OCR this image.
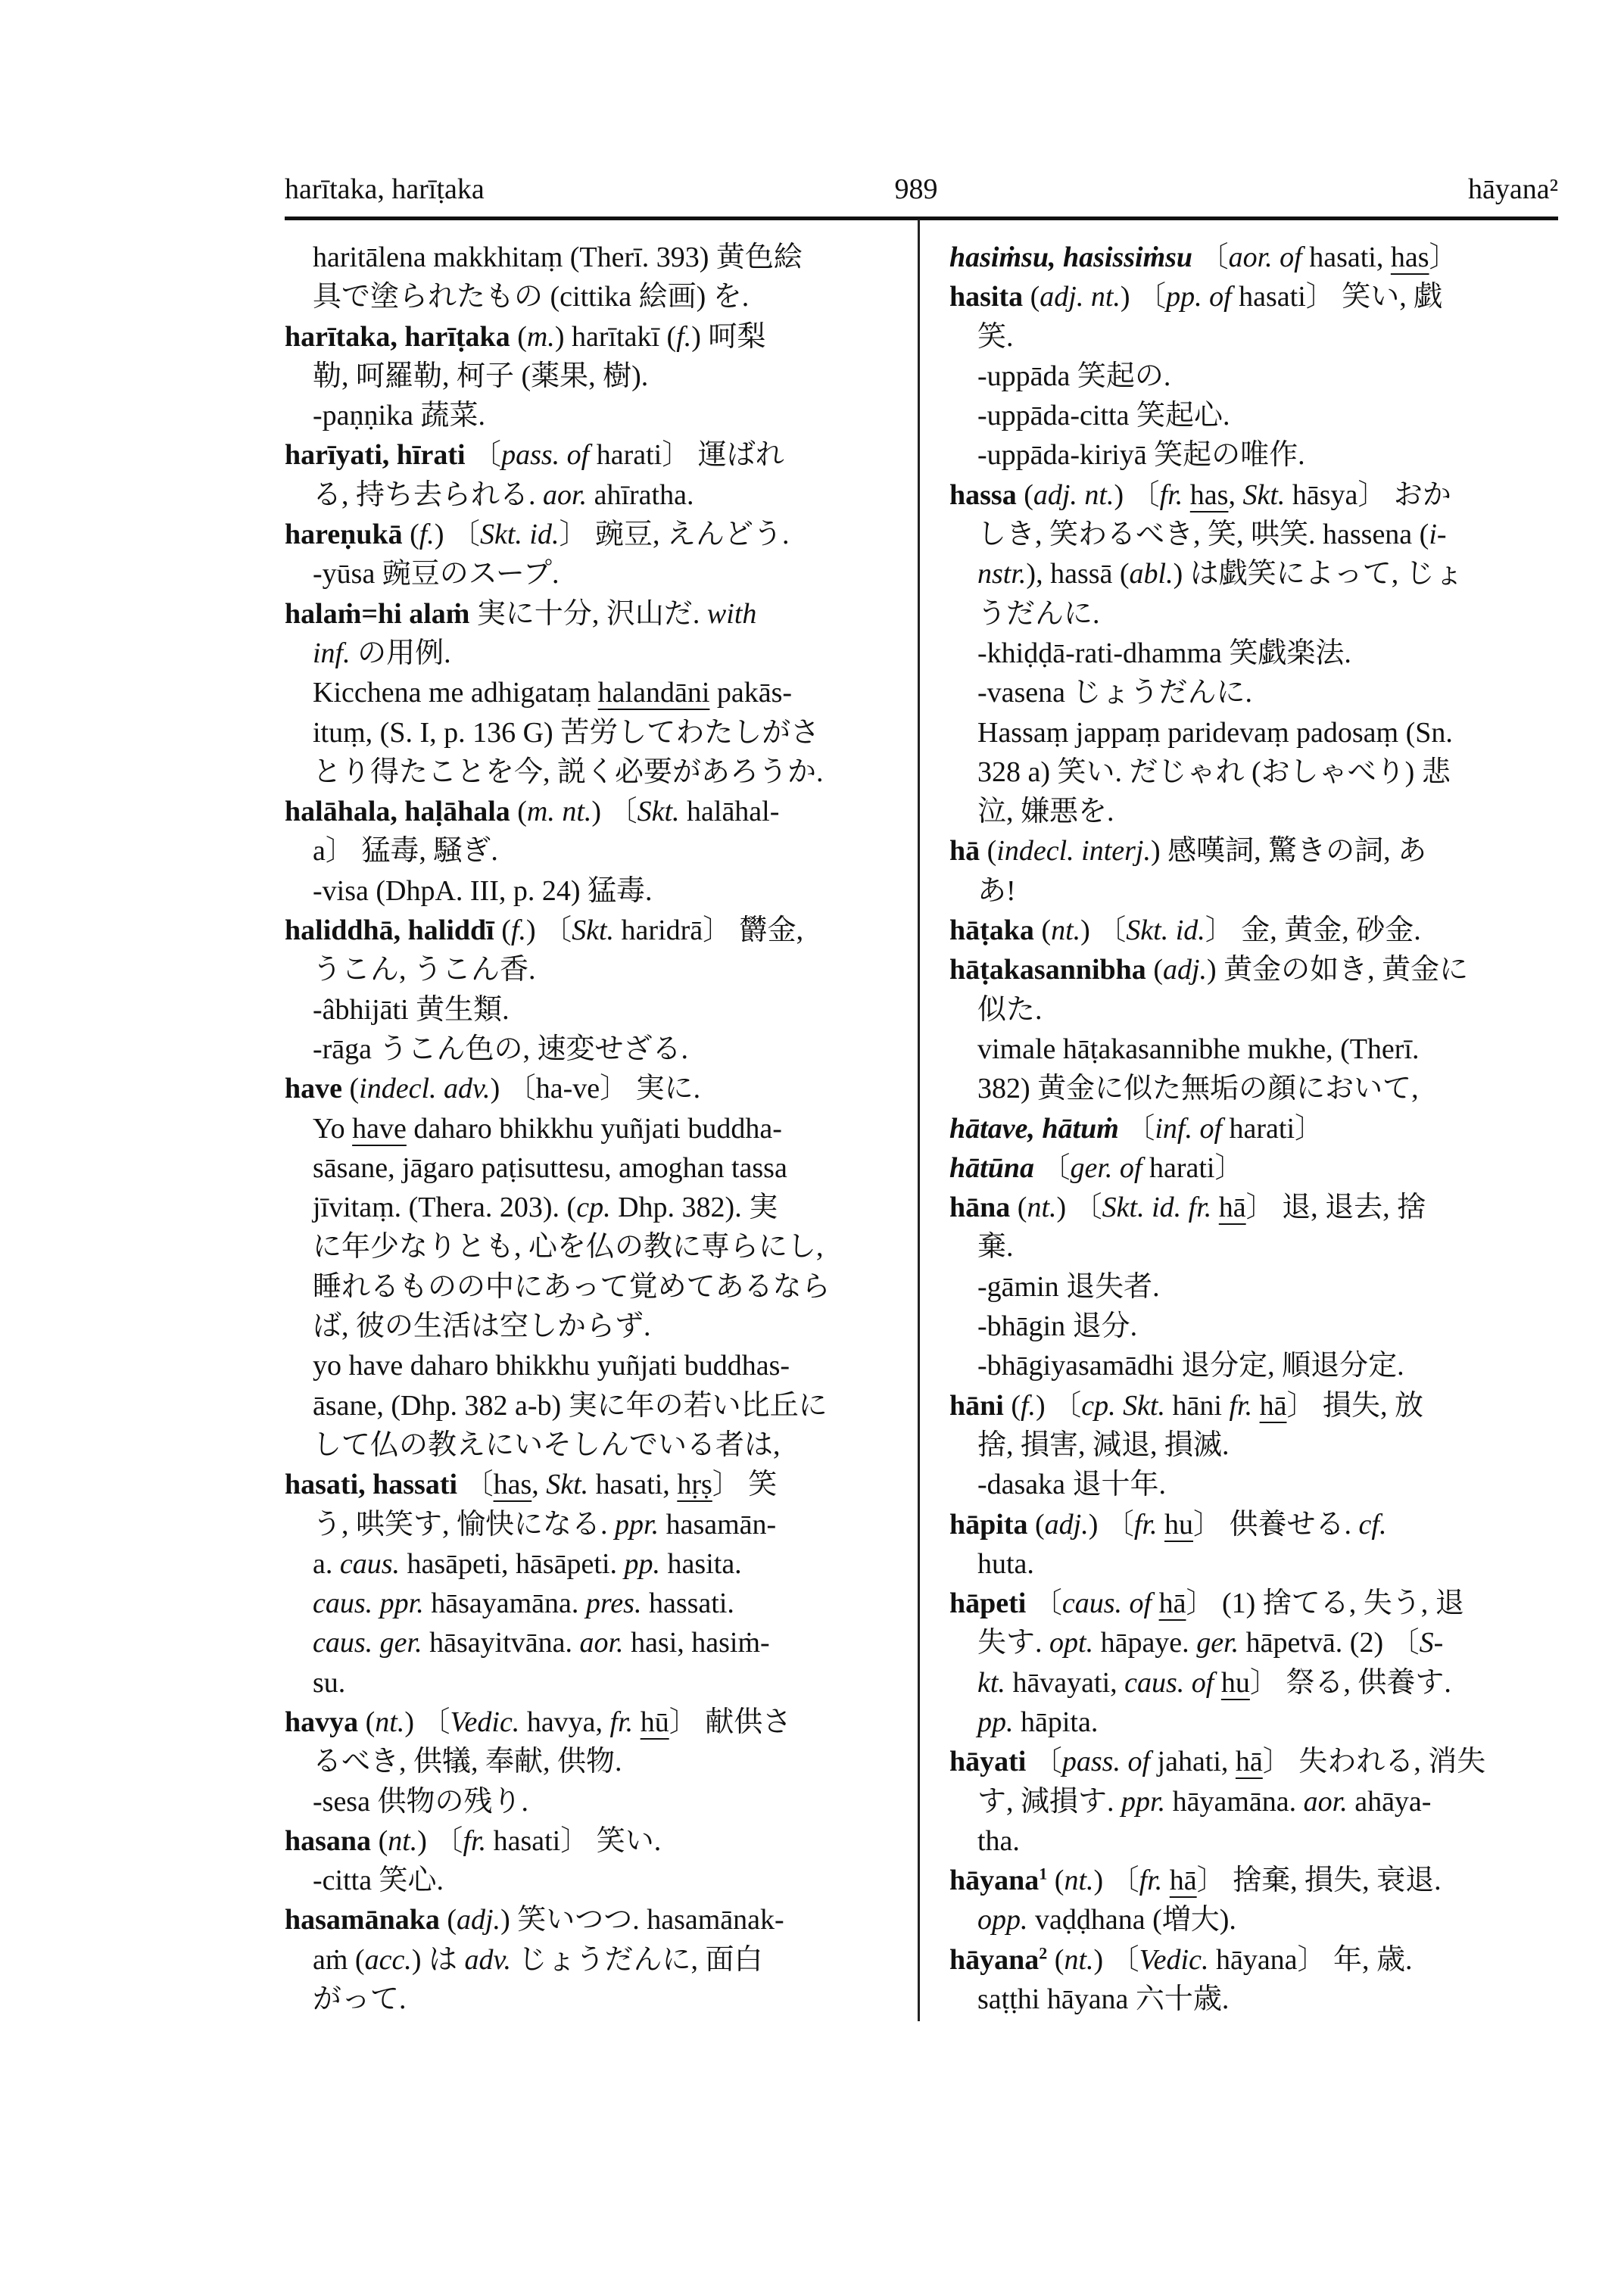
harītaka, harīṭaka	989	hāyana²
haritālena makkhitaṃ (Therī. 393) 黄色絵
具で塗られたもの (cittika 絵画) を.
harītaka, harīṭaka (m.) harītakī (f.) 呵梨
勒, 呵羅勒, 柯子 (薬果, 樹).
-paṇṇika 蔬菜.
harīyati, hīrati 〔pass. of harati〕 運ばれ
る, 持ち去られる. aor. ahīratha.
hareṇukā (f.) 〔Skt. id.〕 豌豆, えんどう.
-yūsa 豌豆のスープ.
halaṁ=hi alaṁ 実に十分, 沢山だ. with
inf. の用例.
Kicchena me adhigataṃ halandāni pakās-
ituṃ, (S. I, p. 136 G) 苦労してわたしがさ
とり得たことを今, 説く必要があろうか.
halāhala, haḷāhala (m. nt.) 〔Skt. halāhal-
a〕 猛毒, 騒ぎ.
-visa (DhpA. III, p. 24) 猛毒.
haliddhā, haliddī (f.) 〔Skt. haridrā〕 欝金,
うこん, うこん香.
-âbhijāti 黄生類.
-rāga うこん色の, 速変せざる.
have (indecl. adv.) 〔ha-ve〕 実に.
Yo have daharo bhikkhu yuñjati buddha-
sāsane, jāgaro paṭisuttesu, amoghan tassa
jīvitaṃ. (Thera. 203). (cp. Dhp. 382). 実
に年少なりとも, 心を仏の教に専らにし,
睡れるものの中にあって覚めてあるなら
ば, 彼の生活は空しからず.
yo have daharo bhikkhu yuñjati buddhas-
āsane, (Dhp. 382 a-b) 実に年の若い比丘に
して仏の教えにいそしんでいる者は,
hasati, hassati 〔has, Skt. hasati, hṛṣ〕 笑
う, 哄笑す, 愉快になる. ppr. hasamān-
a. caus. hasāpeti, hāsāpeti. pp. hasita.
caus. ppr. hāsayamāna. pres. hassati.
caus. ger. hāsayitvāna. aor. hasi, hasiṁ-
su.
havya (nt.) 〔Vedic. havya, fr. hū〕 献供さ
るべき, 供犠, 奉献, 供物.
-sesa 供物の残り.
hasana (nt.) 〔fr. hasati〕 笑い.
-citta 笑心.
hasamānaka (adj.) 笑いつつ. hasamānak-
aṁ (acc.) は adv. じょうだんに, 面白
がって.
hasiṁsu, hasissiṁsu 〔aor. of hasati, has〕
hasita (adj. nt.) 〔pp. of hasati〕 笑い, 戯
笑.
-uppāda 笑起の.
-uppāda-citta 笑起心.
-uppāda-kiriyā 笑起の唯作.
hassa (adj. nt.) 〔fr. has, Skt. hāsya〕 おか
しき, 笑わるべき, 笑, 哄笑. hassena (i-
nstr.), hassā (abl.) は戯笑によって, じょ
うだんに.
-khiḍḍā-rati-dhamma 笑戯楽法.
-vasena じょうだんに.
Hassaṃ jappaṃ paridevaṃ padosaṃ (Sn.
328 a) 笑い. だじゃれ (おしゃべり) 悲
泣, 嫌悪を.
hā (indecl. interj.) 感嘆詞, 驚きの詞, あ
あ!
hāṭaka (nt.) 〔Skt. id.〕 金, 黄金, 砂金.
hāṭakasannibha (adj.) 黄金の如き, 黄金に
似た.
vimale hāṭakasannibhe mukhe, (Therī.
382) 黄金に似た無垢の顔において,
hātave, hātuṁ 〔inf. of harati〕
hātūna 〔ger. of harati〕
hāna (nt.) 〔Skt. id. fr. hā〕 退, 退去, 捨
棄.
-gāmin 退失者.
-bhāgin 退分.
-bhāgiyasamādhi 退分定, 順退分定.
hāni (f.) 〔cp. Skt. hāni fr. hā〕 損失, 放
捨, 損害, 減退, 損滅.
-dasaka 退十年.
hāpita (adj.) 〔fr. hu〕 供養せる. cf.
huta.
hāpeti 〔caus. of hā〕 (1) 捨てる, 失う, 退
失す. opt. hāpaye. ger. hāpetvā. (2) 〔S-
kt. hāvayati, caus. of hu〕 祭る, 供養す.
pp. hāpita.
hāyati 〔pass. of jahati, hā〕 失われる, 消失
す, 減損す. ppr. hāyamāna. aor. ahāya-
tha.
hāyana$^1$ (nt.) 〔fr. hā〕 捨棄, 損失, 衰退.
opp. vaḍḍhana (増大).
hāyana$^2$ (nt.) 〔Vedic. hāyana〕 年, 歳.
saṭṭhi hāyana 六十歳.
